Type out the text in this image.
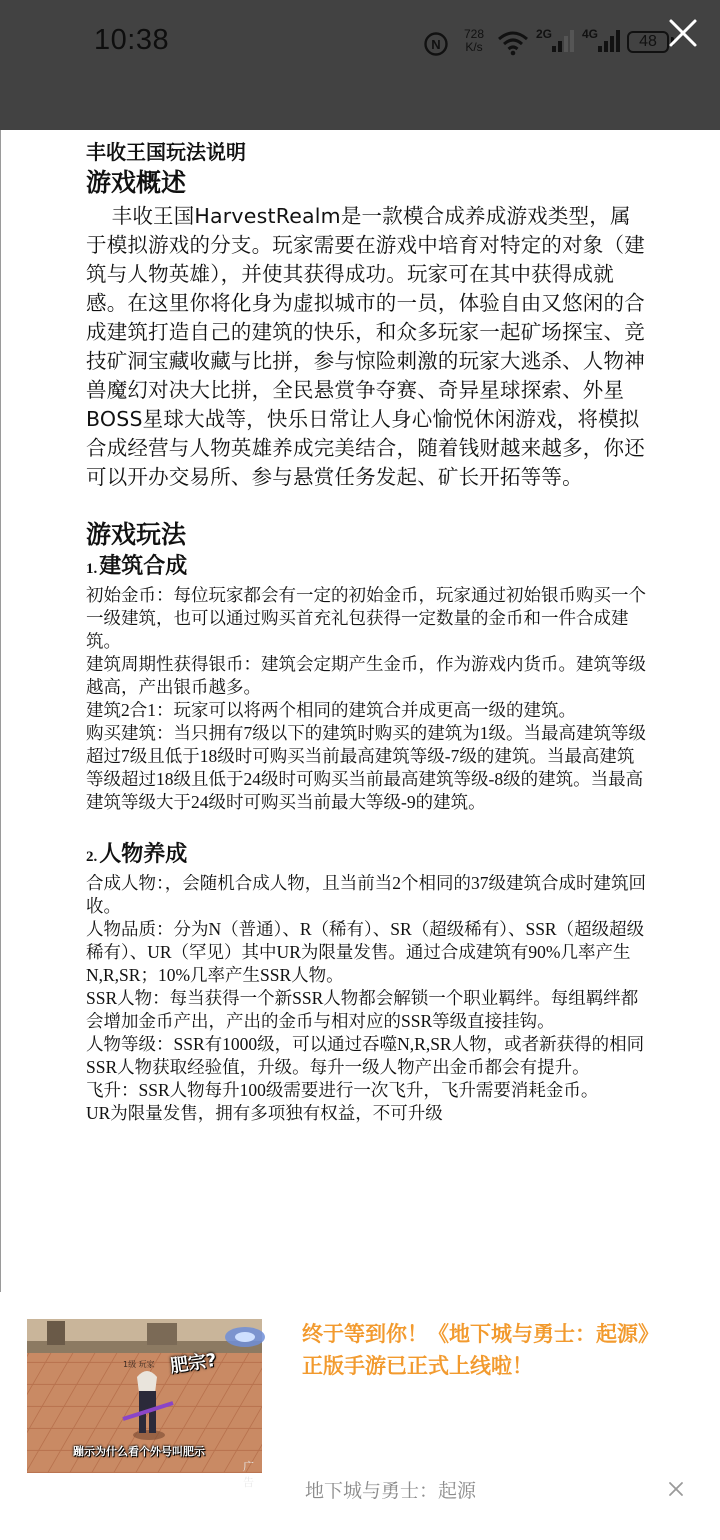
10:38	N
728
K/s
2G 4G	48

丰收王国玩法说明

游戏概述

丰收王国HarvestRealm是一款模合成养成游戏类型，属于模拟游戏的分支。玩家需要在游戏中培育对特定的对象（建筑与人物英雄），并使其获得成功。玩家可在其中获得成就感。在这里你将化身为虚拟城市的一员，体验自由又悠闲的合成建筑打造自己的建筑的快乐，和众多玩家一起矿场探宝、竞技矿洞宝藏收藏与比拼，参与惊险刺激的玩家大逃杀、人物神兽魔幻对决大比拼，全民悬赏争夺赛、奇异星球探索、外星BOSS星球大战等，快乐日常让人身心愉悦休闲游戏，将模拟合成经营与人物英雄养成完美结合，随着钱财越来越多，你还可以开办交易所、参与悬赏任务发起、矿长开拓等等。

游戏玩法

1.建筑合成

初始金币：每位玩家都会有一定的初始金币，玩家通过初始银币购买一个一级建筑，也可以通过购买首充礼包获得一定数量的金币和一件合成建筑。

建筑周期性获得银币：建筑会定期产生金币，作为游戏内货币。建筑等级越高，产出银币越多。

建筑2合1：玩家可以将两个相同的建筑合并成更高一级的建筑。

购买建筑：当只拥有7级以下的建筑时购买的建筑为1级。当最高建筑等级超过7级且低于18级时可购买当前最高建筑等级-7级的建筑。当最高建筑等级超过18级且低于24级时可购买当前最高建筑等级-8级的建筑。当最高建筑等级大于24级时可购买当前最大等级-9的建筑。

2.人物养成

合成人物：，会随机合成人物，且当前当2个相同的37级建筑合成时建筑回收。

人物品质：分为N（普通）、R（稀有）、SR（超级稀有）、SSR（超级超级稀有）、UR（罕见）其中UR为限量发售。通过合成建筑有90%几率产生N,R,SR；10%几率产生SSR人物。

SSR人物：每当获得一个新SSR人物都会解锁一个职业羁绊。每组羁绊都会增加金币产出，产出的金币与相对应的SSR等级直接挂钩。

人物等级：SSR有1000级，可以通过吞噬N,R,SR人物，或者新获得的相同SSR人物获取经验值，升级。每升一级人物产出金币都会有提升。

飞升：SSR人物每升100级需要进行一次飞升，飞升需要消耗金币。

UR为限量发售，拥有多项独有权益，不可升级

1级 玩家 肥宗?
蹦示为什么看个外号叫肥示
广告
终于等到你！《地下城与勇士：起源》正版手游已正式上线啦！
地下城与勇士：起源
